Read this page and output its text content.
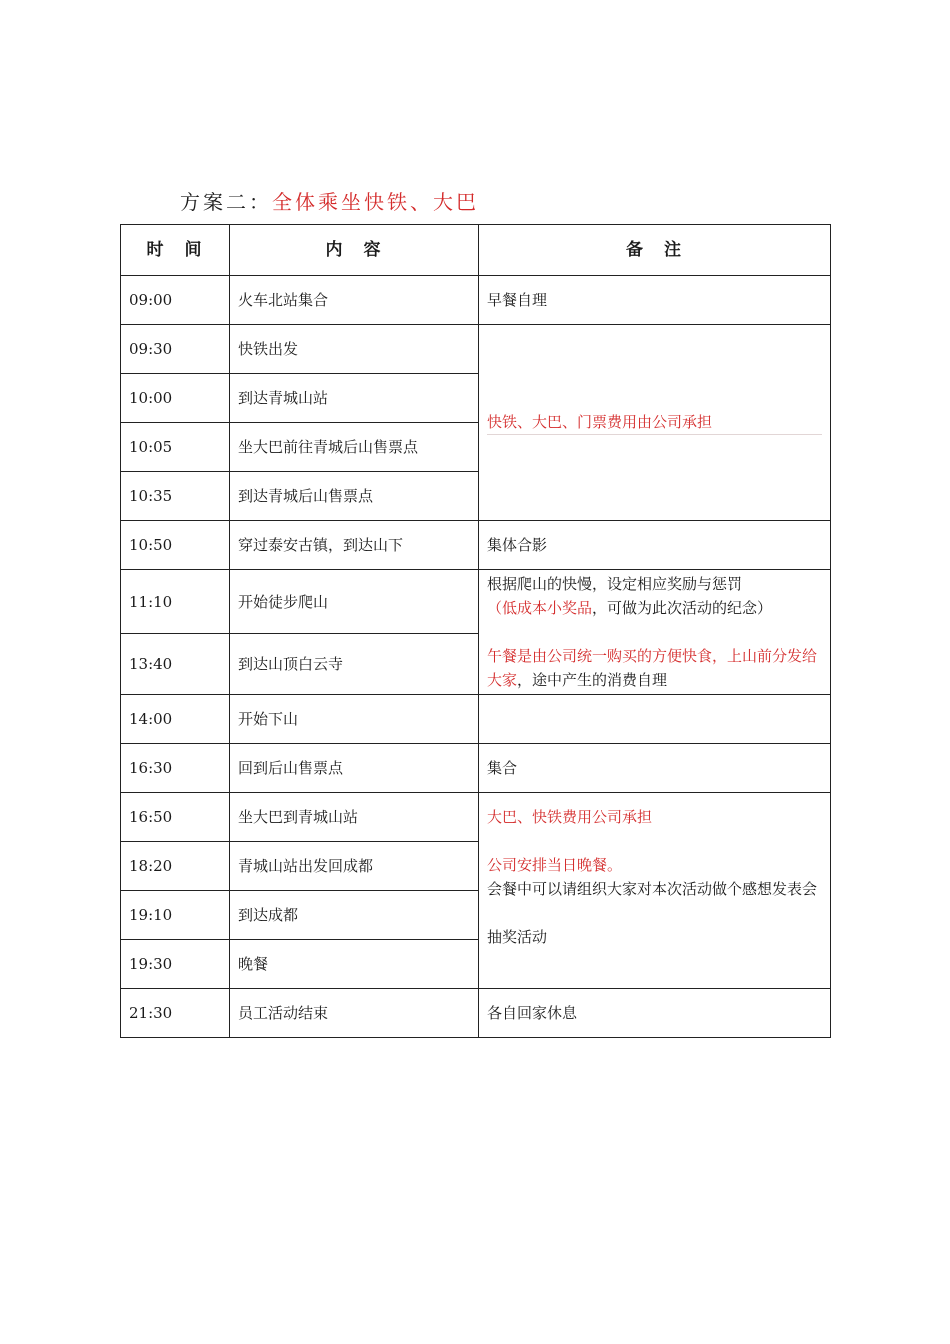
方案二：全体乘坐快铁、大巴
时　间	内　容	备　注
09:00	火车北站集合	早餐自理
09:30	快铁出发	快铁、大巴、门票费用由公司承担

10:00	到达青城山站	
10:05	坐大巴前往青城后山售票点	
10:35	到达青城后山售票点	
10:50	穿过泰安古镇，到达山下	集体合影
11:10	开始徒步爬山	根据爬山的快慢，设定相应奖励与惩罚
（低成本小奖品，可做为此次活动的纪念）
午餐是由公司统一购买的方便快食，上山前分发给大家，途中产生的消费自理

13:40	到达山顶白云寺	
14:00	开始下山	
16:30	回到后山售票点	集合
16:50	坐大巴到青城山站	大巴、快铁费用公司承担
公司安排当日晚餐。
会餐中可以请组织大家对本次活动做个感想发表会
抽奖活动

18:20	青城山站出发回成都	
19:10	到达成都	
19:30	晚餐	
21:30	员工活动结束	各自回家休息
